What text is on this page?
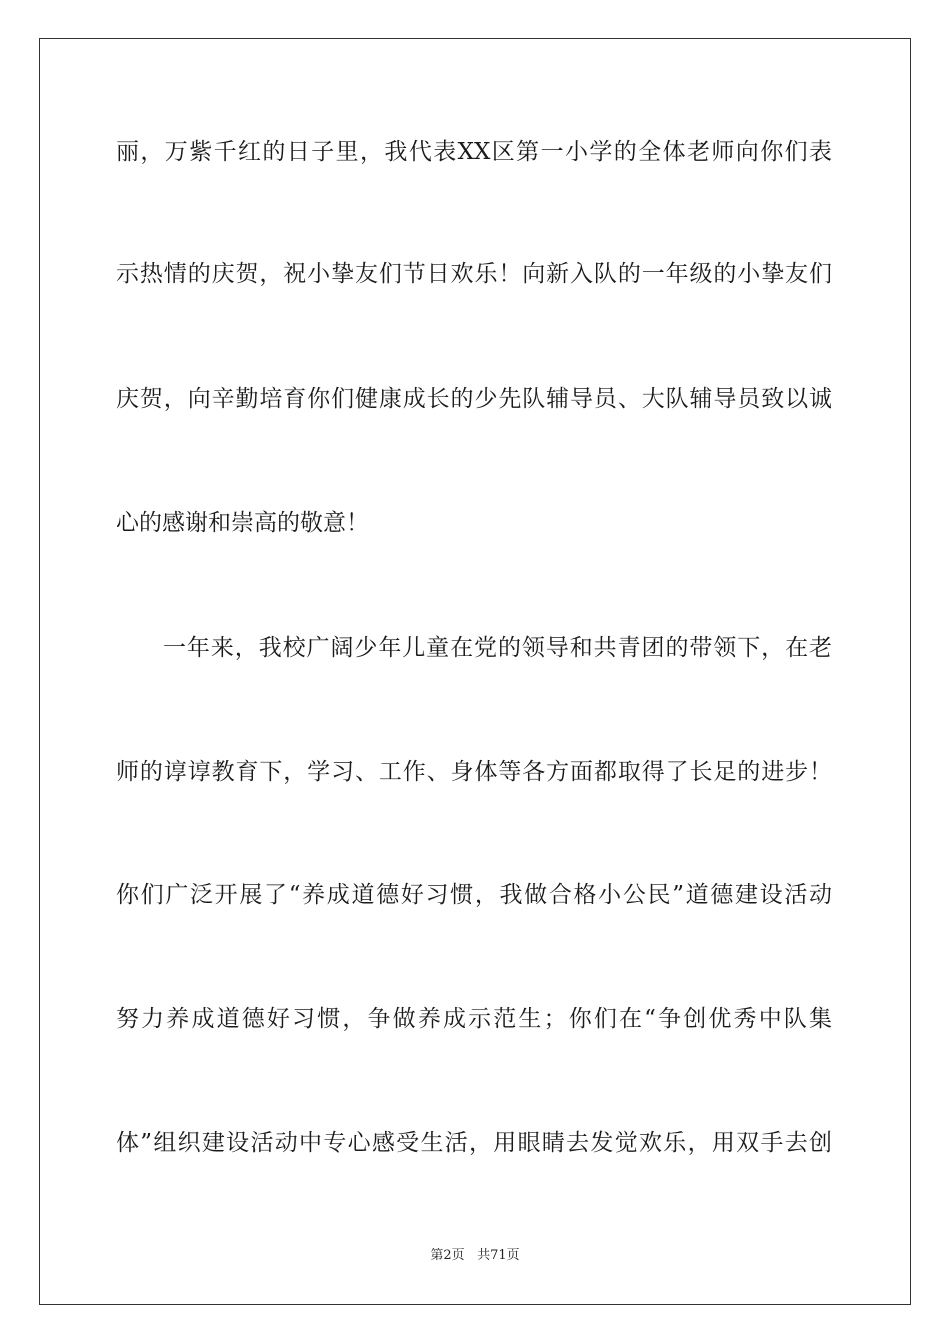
丽，万紫千红的日子里，我代表XX区第一小学的全体老师向你们表
示热情的庆贺，祝小挚友们节日欢乐！向新入队的一年级的小挚友们
庆贺，向辛勤培育你们健康成长的少先队辅导员、大队辅导员致以诚
心的感谢和崇高的敬意！
一年来，我校广阔少年儿童在党的领导和共青团的带领下，在老
师的谆谆教育下，学习、工作、身体等各方面都取得了长足的进步！
你们广泛开展了“养成道德好习惯，我做合格小公民”道德建设活动
努力养成道德好习惯，争做养成示范生；你们在“争创优秀中队集
体”组织建设活动中专心感受生活，用眼睛去发觉欢乐，用双手去创
第2页 共71页
